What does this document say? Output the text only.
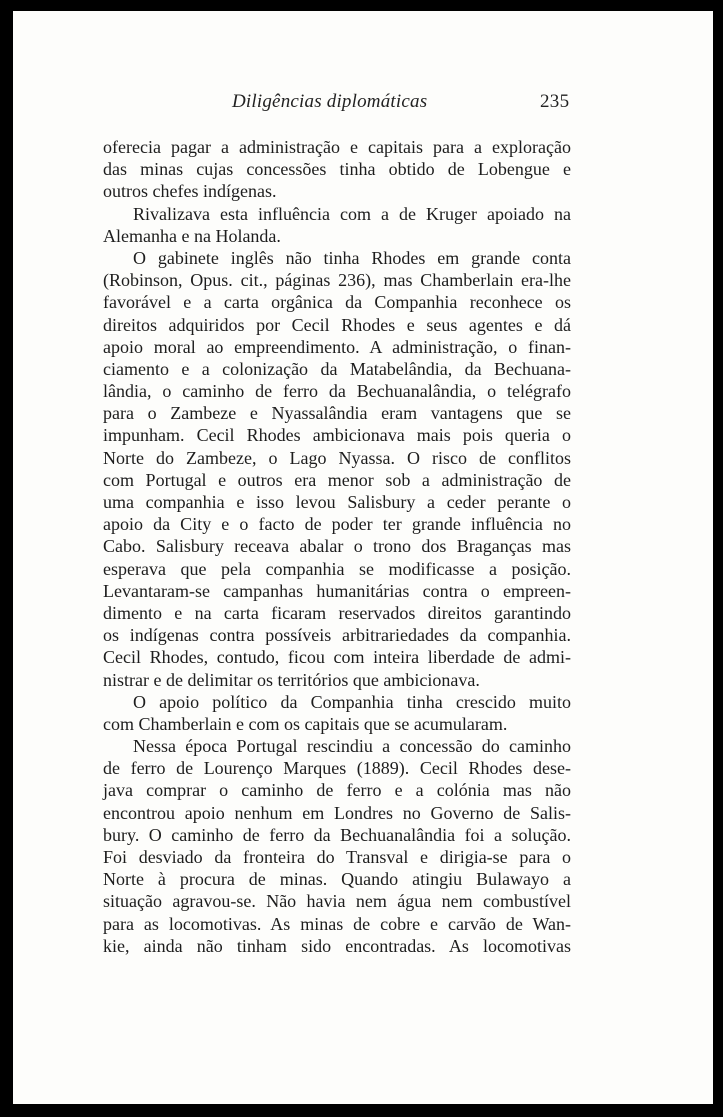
Diligências diplomáticas	235
oferecia pagar a administração e capitais para a exploração
das minas cujas concessões tinha obtido de Lobengue e
outros chefes indígenas.
Rivalizava esta influência com a de Kruger apoiado na
Alemanha e na Holanda.
O gabinete inglês não tinha Rhodes em grande conta
(Robinson, Opus. cit., páginas 236), mas Chamberlain era-lhe
favorável e a carta orgânica da Companhia reconhece os
direitos adquiridos por Cecil Rhodes e seus agentes e dá
apoio moral ao empreendimento. A administração, o finan-
ciamento e a colonização da Matabelândia, da Bechuana-
lândia, o caminho de ferro da Bechuanalândia, o telégrafo
para o Zambeze e Nyassalândia eram vantagens que se
impunham. Cecil Rhodes ambicionava mais pois queria o
Norte do Zambeze, o Lago Nyassa. O risco de conflitos
com Portugal e outros era menor sob a administração de
uma companhia e isso levou Salisbury a ceder perante o
apoio da City e o facto de poder ter grande influência no
Cabo. Salisbury receava abalar o trono dos Braganças mas
esperava que pela companhia se modificasse a posição.
Levantaram-se campanhas humanitárias contra o empreen-
dimento e na carta ficaram reservados direitos garantindo
os indígenas contra possíveis arbitrariedades da companhia.
Cecil Rhodes, contudo, ficou com inteira liberdade de admi-
nistrar e de delimitar os territórios que ambicionava.
O apoio político da Companhia tinha crescido muito
com Chamberlain e com os capitais que se acumularam.
Nessa época Portugal rescindiu a concessão do caminho
de ferro de Lourenço Marques (1889). Cecil Rhodes dese-
java comprar o caminho de ferro e a colónia mas não
encontrou apoio nenhum em Londres no Governo de Salis-
bury. O caminho de ferro da Bechuanalândia foi a solução.
Foi desviado da fronteira do Transval e dirigia-se para o
Norte à procura de minas. Quando atingiu Bulawayo a
situação agravou-se. Não havia nem água nem combustível
para as locomotivas. As minas de cobre e carvão de Wan-
kie, ainda não tinham sido encontradas. As locomotivas
